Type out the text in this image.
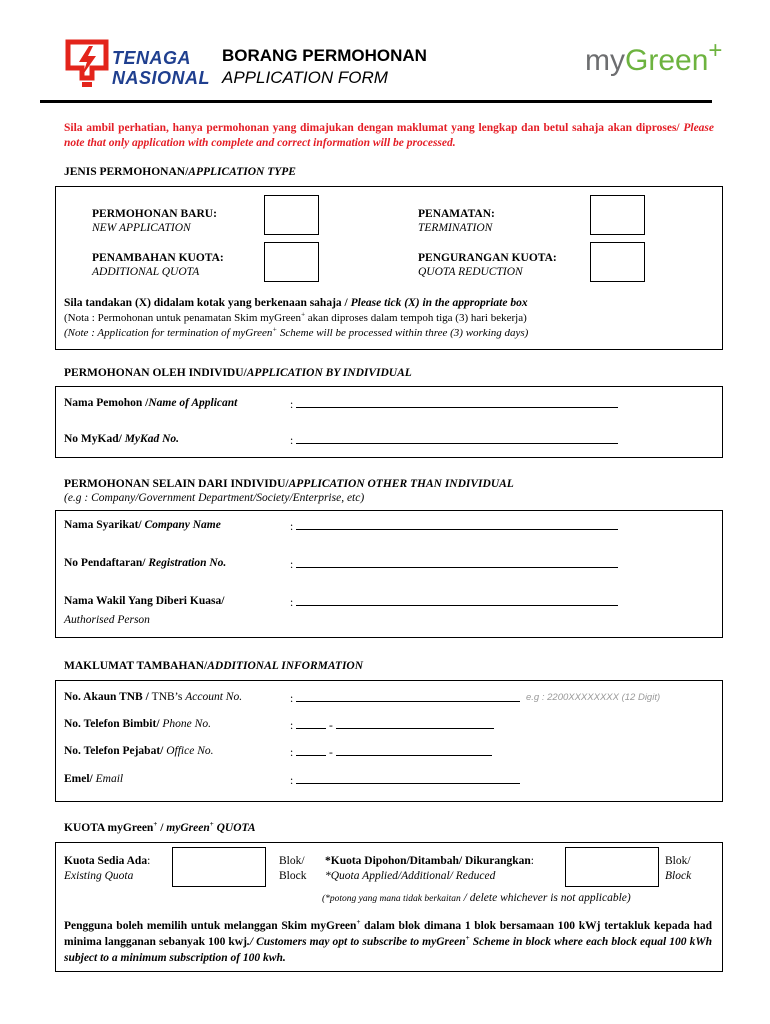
TENAGA
NASIONAL
BORANG PERMOHONAN
APPLICATION FORM
myGreen+
Sila ambil perhatian, hanya permohonan yang dimajukan dengan maklumat yang lengkap dan betul sahaja akan diproses/ Please note that only application with complete and correct information will be processed.
JENIS PERMOHONAN/APPLICATION TYPE
PERMOHONAN BARU:
NEW APPLICATION
PENAMATAN:
TERMINATION
PENAMBAHAN KUOTA:
ADDITIONAL QUOTA
PENGURANGAN KUOTA:
QUOTA REDUCTION
Sila tandakan (X) didalam kotak yang berkenaan sahaja / Please tick (X) in the appropriate box
(Nota : Permohonan untuk penamatan Skim myGreen+ akan diproses dalam tempoh tiga (3) hari bekerja)
(Note : Application for termination of myGreen+ Scheme will be processed within three (3) working days)
PERMOHONAN OLEH INDIVIDU/APPLICATION BY INDIVIDUAL
Nama Pemohon /Name of Applicant	:
No MyKad/ MyKad No.	:
PERMOHONAN SELAIN DARI INDIVIDU/APPLICATION OTHER THAN INDIVIDUAL
(e.g : Company/Government Department/Society/Enterprise, etc)
Nama Syarikat/ Company Name	:
No Pendaftaran/ Registration No.	:
Nama Wakil Yang Diberi Kuasa/
Authorised Person
:
MAKLUMAT TAMBAHAN/ADDITIONAL INFORMATION
No. Akaun TNB / TNB’s Account No.	:	e.g : 2200XXXXXXXX (12 Digit)
No. Telefon Bimbit/ Phone No.	:	-
No. Telefon Pejabat/ Office No.	:	-
Emel/ Email	:
KUOTA myGreen+ / myGreen+ QUOTA
Kuota Sedia Ada:
Existing Quota
Blok/
Block
*Kuota Dipohon/Ditambah/ Dikurangkan:
*Quota Applied/Additional/ Reduced
Blok/
Block
(*potong yang mana tidak berkaitan / delete whichever is not applicable)
Pengguna boleh memilih untuk melanggan Skim myGreen+ dalam blok dimana 1 blok bersamaan 100 kWj tertakluk kepada had minima langganan sebanyak 100 kwj./ Customers may opt to subscribe to myGreen+ Scheme in block where each block equal 100 kWh subject to a minimum subscription of 100 kwh.
